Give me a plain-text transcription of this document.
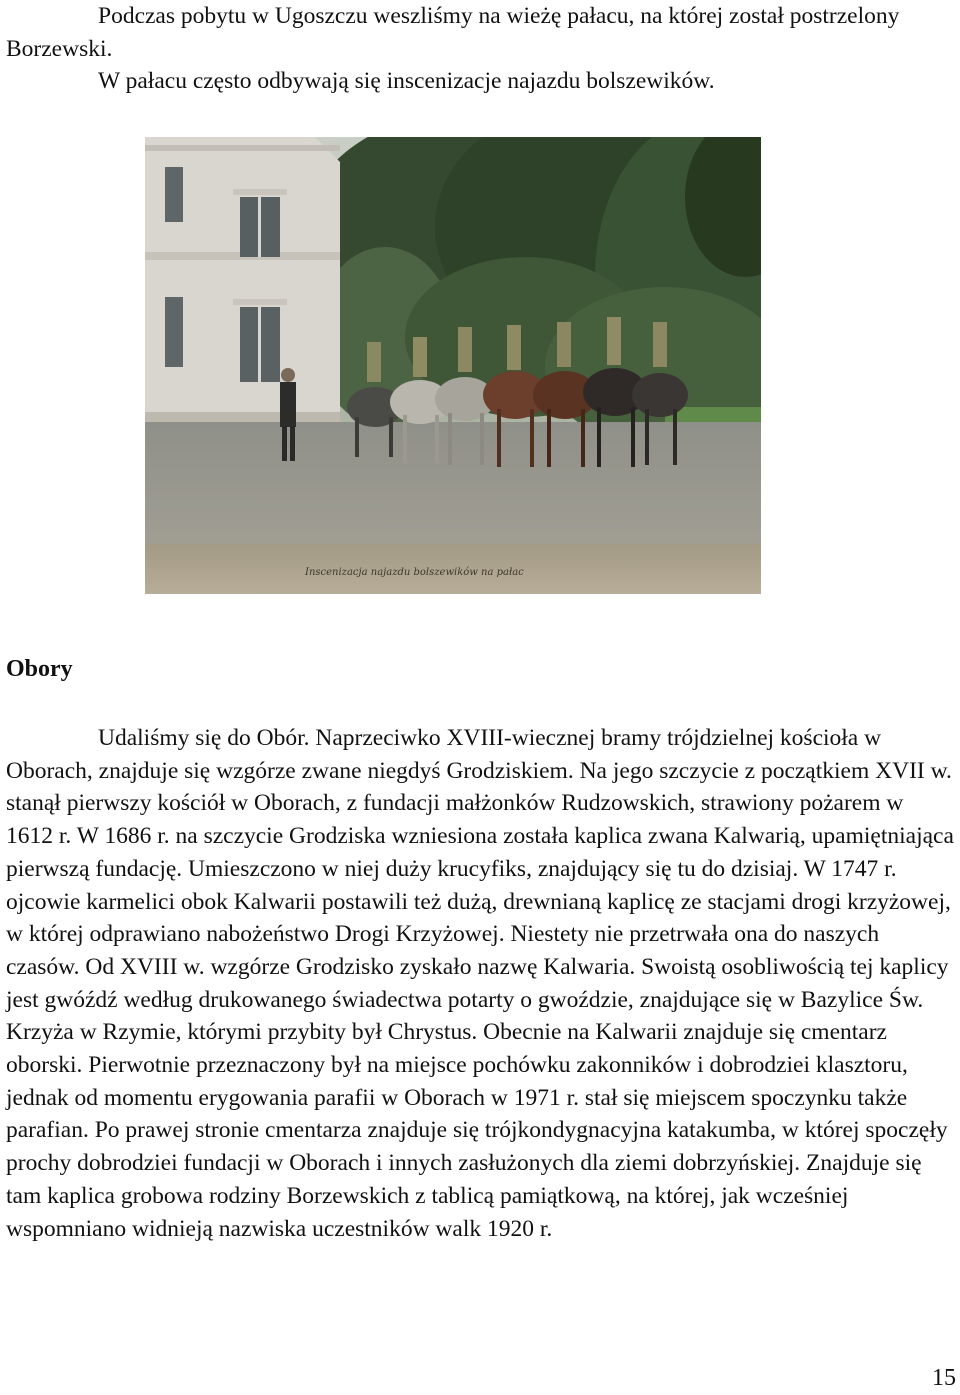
Podczas pobytu w Ugoszczu weszliśmy na wieżę pałacu, na której został postrzelony Borzewski.

W pałacu często odbywają się inscenizacje najazdu bolszewików.

Inscenizacja najazdu bolszewików na pałac
Obory

Udaliśmy się do Obór. Naprzeciwko XVIII-wiecznej bramy trójdzielnej kościoła w Oborach, znajduje się wzgórze zwane niegdyś Grodziskiem. Na jego szczycie z początkiem XVII w. stanął pierwszy kościół w Oborach, z fundacji małżonków Rudzowskich, strawiony pożarem w 1612 r. W 1686 r. na szczycie Grodziska wzniesiona została kaplica zwana Kalwarią, upamiętniająca pierwszą fundację. Umieszczono w niej duży krucyfiks, znajdujący się tu do dzisiaj. W 1747 r. ojcowie karmelici obok Kalwarii postawili też dużą, drewnianą kaplicę ze stacjami drogi krzyżowej, w której odprawiano nabożeństwo Drogi Krzyżowej. Niestety nie przetrwała ona do naszych czasów. Od XVIII w. wzgórze Grodzisko zyskało nazwę Kalwaria. Swoistą osobliwością tej kaplicy jest gwóźdź według drukowanego świadectwa potarty o gwoździe, znajdujące się w Bazylice Św. Krzyża w Rzymie, którymi przybity był Chrystus. Obecnie na Kalwarii znajduje się cmentarz oborski. Pierwotnie przeznaczony był na miejsce pochówku zakonników i dobrodziei klasztoru, jednak od momentu erygowania parafii w Oborach w 1971 r. stał się miejscem spoczynku także parafian. Po prawej stronie cmentarza znajduje się trójkondygnacyjna katakumba, w której spoczęły prochy dobrodziei fundacji w Oborach i innych zasłużonych dla ziemi dobrzyńskiej. Znajduje się tam kaplica grobowa rodziny Borzewskich z tablicą pamiątkową, na której, jak wcześniej wspomniano widnieją nazwiska uczestników walk 1920 r.

15
